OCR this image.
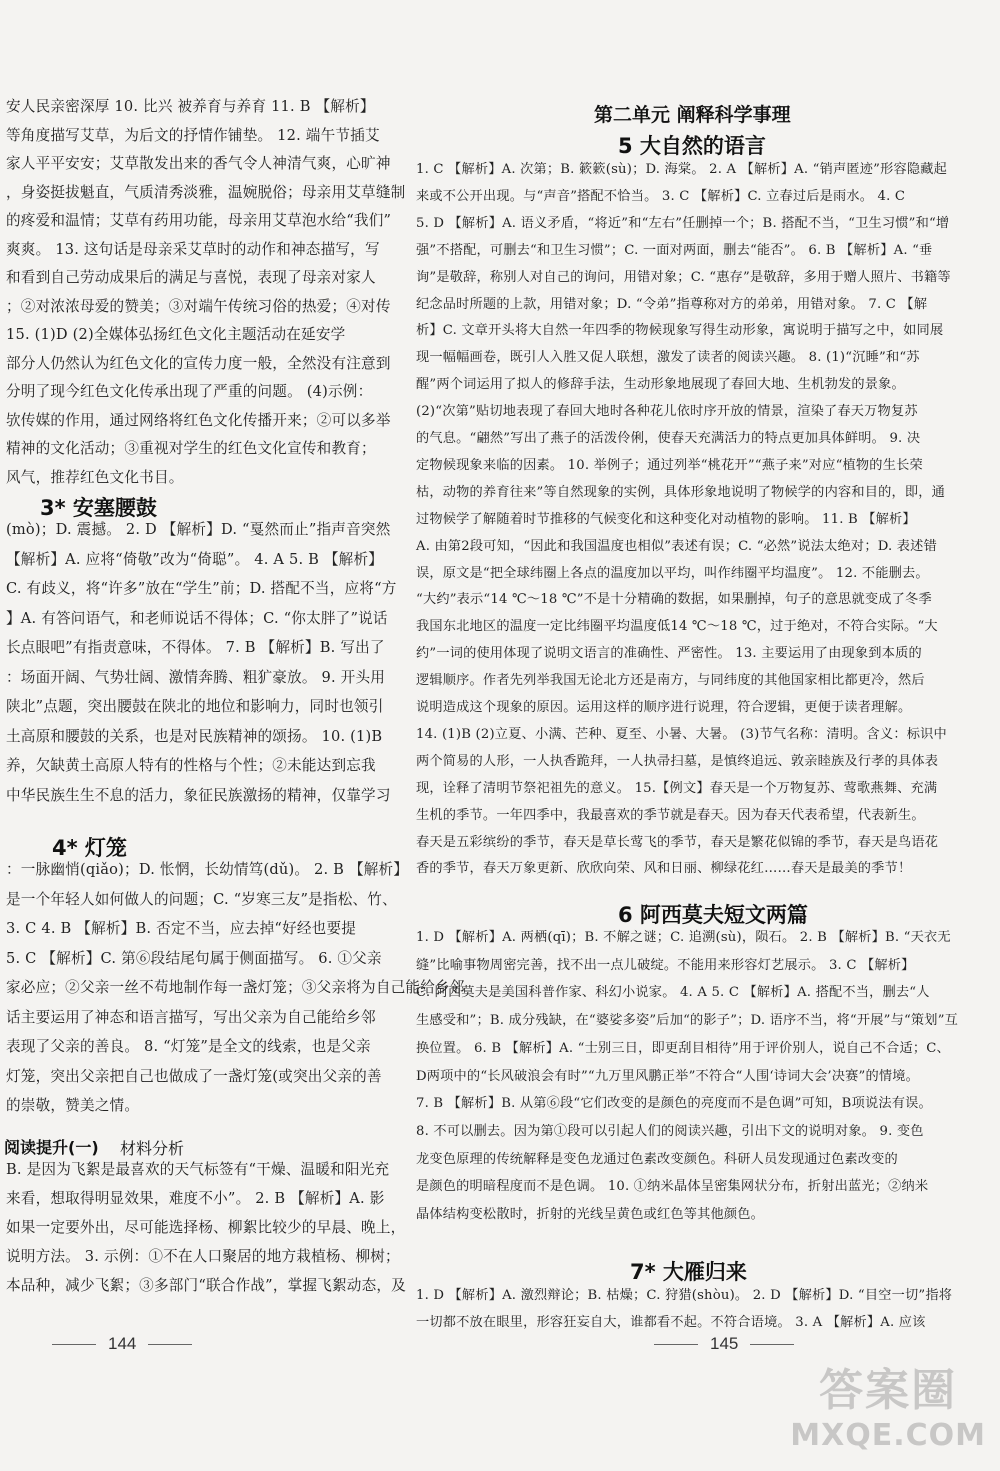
安人民亲密深厚 10. 比兴 被养育与养育 11. B 【解析】
等角度描写艾草，为后文的抒情作铺垫。 12. 端午节插艾
家人平平安安；艾草散发出来的香气令人神清气爽，心旷神
，身姿挺拔魁直，气质清秀淡雅，温婉脱俗；母亲用艾草缝制
的疼爱和温情；艾草有药用功能，母亲用艾草泡水给“我们”
爽爽。 13. 这句话是母亲采艾草时的动作和神态描写，写
和看到自己劳动成果后的满足与喜悦，表现了母亲对家人
；②对浓浓母爱的赞美；③对端午传统习俗的热爱；④对传
15. (1)D (2)全媒体弘扬红色文化主题活动在延安学
部分人仍然认为红色文化的宣传力度一般，全然没有注意到
分明了现今红色文化传承出现了严重的问题。 (4)示例：
欤传媒的作用，通过网络将红色文化传播开来；②可以多举
精神的文化活动；③重视对学生的红色文化宣传和教育；
风气，推荐红色文化书目。
(mò)；D. 震撼。 2. D 【解析】D. “戛然而止”指声音突然
【解析】A. 应将“倚敬”改为“倚聪”。 4. A 5. B 【解析】
C. 有歧义，将“许多”放在“学生”前；D. 搭配不当，应将“方
】A. 有答问语气，和老师说话不得体；C. “你太胖了”说话
长点眼吧”有指责意味，不得体。 7. B 【解析】B. 写出了
：场面开阔、气势壮阔、激情奔腾、粗犷豪放。 9. 开头用
陕北”点题，突出腰鼓在陕北的地位和影响力，同时也领引
土高原和腰鼓的关系，也是对民族精神的颂扬。 10. (1)B
养，欠缺黄土高原人特有的性格与个性；②未能达到忘我
中华民族生生不息的活力，象征民族激扬的精神，仅靠学习
：一脉幽悄(qiǎo)；D. 怅惘，长幼情笃(dǔ)。 2. B 【解析】
是一个年轻人如何做人的问题；C. “岁寒三友”是指松、竹、
3. C 4. B 【解析】B. 否定不当，应去掉“好经也要提
5. C 【解析】C. 第⑥段结尾句属于侧面描写。 6. ①父亲
家必应；②父亲一丝不苟地制作每一盏灯笼；③父亲将为自己能给乡邻
话主要运用了神态和语言描写，写出父亲为自己能给乡邻
表现了父亲的善良。 8. “灯笼”是全文的线索，也是父亲
灯笼，突出父亲把自己也做成了一盏灯笼(或突出父亲的善
的崇敬，赞美之情。
B. 是因为飞絮是最喜欢的天气标签有“干燥、温暖和阳光充
来看，想取得明显效果，难度不小”。 2. B 【解析】A. 影
如果一定要外出，尽可能选择杨、柳絮比较少的早晨、晚上，
说明方法。 3. 示例：①不在人口聚居的地方栽植杨、柳树；
本品种，减少飞絮；③多部门“联合作战”，掌握飞絮动态，及
3* 安塞腰鼓
4* 灯笼
阅读提升(一) 材料分析
144
第二单元 阐释科学事理
5 大自然的语言
1. C 【解析】A. 次第；B. 簌簌(sù)；D. 海棠。 2. A 【解析】A. “销声匿迹”形容隐藏起
来或不公开出现。与“声音”搭配不恰当。 3. C 【解析】C. 立春过后是雨水。 4. C
5. D 【解析】A. 语义矛盾，“将近”和“左右”任删掉一个；B. 搭配不当，“卫生习惯”和“增
强”不搭配，可删去“和卫生习惯”；C. 一面对两面，删去“能否”。 6. B 【解析】A. “垂
询”是敬辞，称别人对自己的询问，用错对象；C. “惠存”是敬辞，多用于赠人照片、书籍等
纪念品时所题的上款，用错对象；D. “令弟”指尊称对方的弟弟，用错对象。 7. C 【解
析】C. 文章开头将大自然一年四季的物候现象写得生动形象，寓说明于描写之中，如同展
现一幅幅画卷，既引人入胜又促人联想，激发了读者的阅读兴趣。 8. (1)“沉睡”和“苏
醒”两个词运用了拟人的修辞手法，生动形象地展现了春回大地、生机勃发的景象。
(2)“次第”贴切地表现了春回大地时各种花儿依时序开放的情景，渲染了春天万物复苏
的气息。“翩然”写出了燕子的活泼伶俐，使春天充满活力的特点更加具体鲜明。 9. 决
定物候现象来临的因素。 10. 举例子；通过列举“桃花开”“燕子来”对应“植物的生长荣
枯，动物的养育往来”等自然现象的实例，具体形象地说明了物候学的内容和目的，即，通
过物候学了解随着时节推移的气候变化和这种变化对动植物的影响。 11. B 【解析】
A. 由第2段可知，“因此和我国温度也相似”表述有误；C. “必然”说法太绝对；D. 表述错
误，原文是“把全球纬圈上各点的温度加以平均，叫作纬圈平均温度”。 12. 不能删去。
“大约”表示“14 ℃～18 ℃”不是十分精确的数据，如果删掉，句子的意思就变成了冬季
我国东北地区的温度一定比纬圈平均温度低14 ℃～18 ℃，过于绝对，不符合实际。“大
约”一词的使用体现了说明文语言的准确性、严密性。 13. 主要运用了由现象到本质的
逻辑顺序。作者先列举我国无论北方还是南方，与同纬度的其他国家相比都更冷，然后
说明造成这个现象的原因。运用这样的顺序进行说理，符合逻辑，更便于读者理解。
14. (1)B (2)立夏、小满、芒种、夏至、小暑、大暑。 (3)节气名称：清明。含义：标识中
两个简易的人形，一人执香跪拜，一人执帚扫墓，是慎终追远、敦亲睦族及行孝的具体表
现，诠释了清明节祭祀祖先的意义。 15.【例文】春天是一个万物复苏、莺歌燕舞、充满
生机的季节。一年四季中，我最喜欢的季节就是春天。因为春天代表希望，代表新生。
春天是五彩缤纷的季节，春天是草长莺飞的季节，春天是繁花似锦的季节，春天是鸟语花
香的季节，春天万象更新、欣欣向荣、风和日丽、柳绿花红……春天是最美的季节！
6 阿西莫夫短文两篇
1. D 【解析】A. 两栖(qī)；B. 不解之谜；C. 追溯(sù)，陨石。 2. B 【解析】B. “天衣无
缝”比喻事物周密完善，找不出一点儿破绽。不能用来形容灯艺展示。 3. C 【解析】
C. 阿西莫夫是美国科普作家、科幻小说家。 4. A 5. C 【解析】A. 搭配不当，删去“人
生感受和”；B. 成分残缺，在“婆娑多姿”后加“的影子”；D. 语序不当，将“开展”与“策划”互
换位置。 6. B 【解析】A. “士别三日，即更刮目相待”用于评价别人，说自己不合适；C、
D两项中的“长风破浪会有时”“九万里风鹏正举”不符合“人围‘诗词大会’决赛”的情境。
7. B 【解析】B. 从第⑥段“它们改变的是颜色的亮度而不是色调”可知，B项说法有误。
8. 不可以删去。因为第①段可以引起人们的阅读兴趣，引出下文的说明对象。 9. 变色
龙变色原理的传统解释是变色龙通过色素改变颜色。科研人员发现通过色素改变的
是颜色的明暗程度而不是色调。 10. ①纳米晶体呈密集网状分布，折射出蓝光；②纳米
晶体结构变松散时，折射的光线呈黄色或红色等其他颜色。
7* 大雁归来
1. D 【解析】A. 激烈辩论；B. 枯燥；C. 狩猎(shòu)。 2. D 【解析】D. “目空一切”指将
一切都不放在眼里，形容狂妄自大，谁都看不起。不符合语境。 3. A 【解析】A. 应该
145
答案圈
MXQE.COM
